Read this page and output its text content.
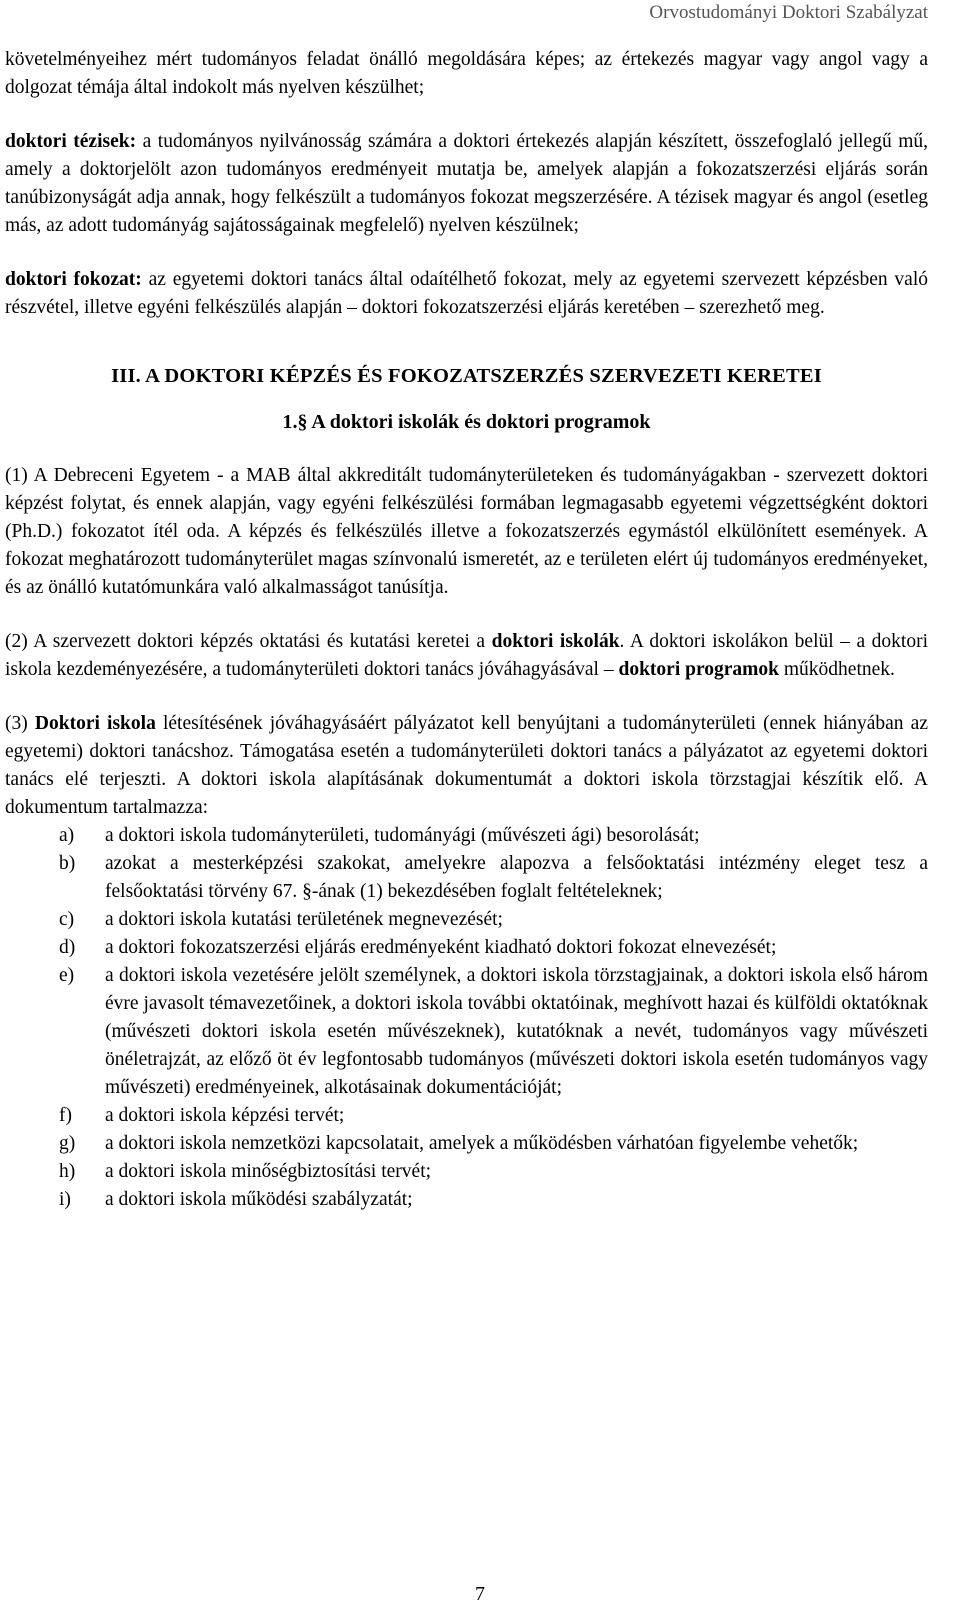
Orvostudományi Doktori Szabályzat

követelményeihez mért tudományos feladat önálló megoldására képes; az értekezés magyar vagy angol vagy a dolgozat témája által indokolt más nyelven készülhet;

doktori tézisek: a tudományos nyilvánosság számára a doktori értekezés alapján készített, összefoglaló jellegű mű, amely a doktorjelölt azon tudományos eredményeit mutatja be, amelyek alapján a fokozatszerzési eljárás során tanúbizonyságát adja annak, hogy felkészült a tudományos fokozat megszerzésére. A tézisek magyar és angol (esetleg más, az adott tudományág sajátosságainak megfelelő) nyelven készülnek;

doktori fokozat: az egyetemi doktori tanács által odaítélhető fokozat, mely az egyetemi szervezett képzésben való részvétel, illetve egyéni felkészülés alapján – doktori fokozatszerzési eljárás keretében – szerezhető meg.

III. A DOKTORI KÉPZÉS ÉS FOKOZATSZERZÉS SZERVEZETI KERETEI
1.§ A doktori iskolák és doktori programok

(1) A Debreceni Egyetem - a MAB által akkreditált tudományterületeken és tudományágakban - szervezett doktori képzést folytat, és ennek alapján, vagy egyéni felkészülési formában legmagasabb egyetemi végzettségként doktori (Ph.D.) fokozatot ítél oda. A képzés és felkészülés illetve a fokozatszerzés egymástól elkülönített események. A fokozat meghatározott tudományterület magas színvonalú ismeretét, az e területen elért új tudományos eredményeket, és az önálló kutatómunkára való alkalmasságot tanúsítja.

(2) A szervezett doktori képzés oktatási és kutatási keretei a doktori iskolák. A doktori iskolákon belül – a doktori iskola kezdeményezésére, a tudományterületi doktori tanács jóváhagyásával – doktori programok működhetnek.

(3) Doktori iskola létesítésének jóváhagyásáért pályázatot kell benyújtani a tudományterületi (ennek hiányában az egyetemi) doktori tanácshoz. Támogatása esetén a tudományterületi doktori tanács a pályázatot az egyetemi doktori tanács elé terjeszti. A doktori iskola alapításának dokumentumát a doktori iskola törzstagjai készítik elő. A dokumentum tartalmazza:

a) a doktori iskola tudományterületi, tudományági (művészeti ági) besorolását;
b) azokat a mesterképzési szakokat, amelyekre alapozva a felsőoktatási intézmény eleget tesz a felsőoktatási törvény 67. §-ának (1) bekezdésében foglalt feltételeknek;
c) a doktori iskola kutatási területének megnevezését;
d) a doktori fokozatszerzési eljárás eredményeként kiadható doktori fokozat elnevezését;
e) a doktori iskola vezetésére jelölt személynek, a doktori iskola törzstagjainak, a doktori iskola első három évre javasolt témavezetőinek, a doktori iskola további oktatóinak, meghívott hazai és külföldi oktatóknak (művészeti doktori iskola esetén művészeknek), kutatóknak a nevét, tudományos vagy művészeti önéletrajzát, az előző öt év legfontosabb tudományos (művészeti doktori iskola esetén tudományos vagy művészeti) eredményeinek, alkotásainak dokumentációját;
f) a doktori iskola képzési tervét;
g) a doktori iskola nemzetközi kapcsolatait, amelyek a működésben várhatóan figyelembe vehetők;
h) a doktori iskola minőségbiztosítási tervét;
i) a doktori iskola működési szabályzatát;
7
